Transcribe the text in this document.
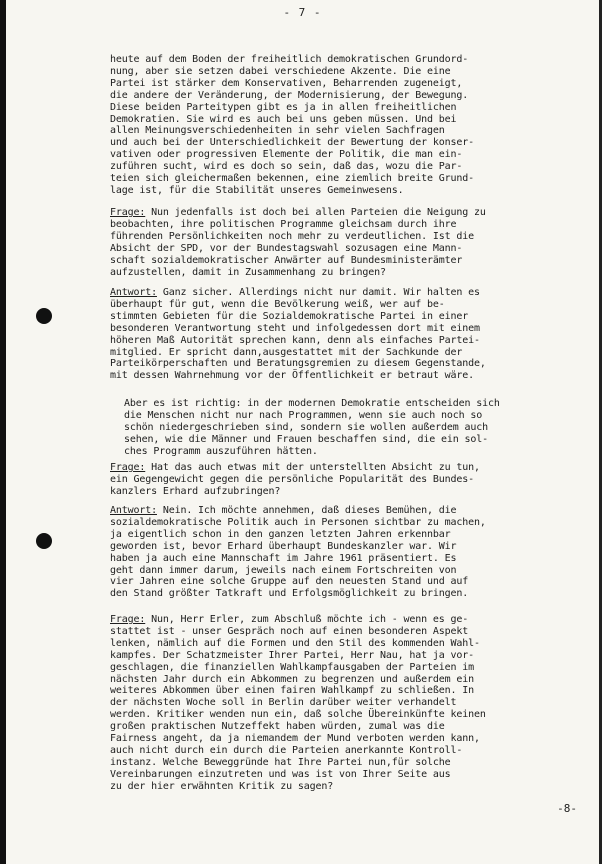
- 7 -
heute auf dem Boden der freiheitlich demokratischen Grundord-
nung, aber sie setzen dabei verschiedene Akzente. Die eine
Partei ist stärker dem Konservativen, Beharrenden zugeneigt,
die andere der Veränderung, der Modernisierung, der Bewegung.
Diese beiden Parteitypen gibt es ja in allen freiheitlichen
Demokratien. Sie wird es auch bei uns geben müssen. Und bei
allen Meinungsverschiedenheiten in sehr vielen Sachfragen
und auch bei der Unterschiedlichkeit der Bewertung der konser-
vativen oder progressiven Elemente der Politik, die man ein-
zuführen sucht, wird es doch so sein, daß das, wozu die Par-
teien sich gleichermaßen bekennen, eine ziemlich breite Grund-
lage ist, für die Stabilität unseres Gemeinwesens.
Frage: Nun jedenfalls ist doch bei allen Parteien die Neigung zu
beobachten, ihre politischen Programme gleichsam durch ihre
führenden Persönlichkeiten noch mehr zu verdeutlichen. Ist die
Absicht der SPD, vor der Bundestagswahl sozusagen eine Mann-
schaft sozialdemokratischer Anwärter auf Bundesministerämter
aufzustellen, damit in Zusammenhang zu bringen?
Antwort: Ganz sicher. Allerdings nicht nur damit. Wir halten es
überhaupt für gut, wenn die Bevölkerung weiß, wer auf be-
stimmten Gebieten für die Sozialdemokratische Partei in einer
besonderen Verantwortung steht und infolgedessen dort mit einem
höheren Maß Autorität sprechen kann, denn als einfaches Partei-
mitglied. Er spricht dann,ausgestattet mit der Sachkunde der
Parteikörperschaften und Beratungsgremien zu diesem Gegenstande,
mit dessen Wahrnehmung vor der Öffentlichkeit er betraut wäre.
Aber es ist richtig: in der modernen Demokratie entscheiden sich
die Menschen nicht nur nach Programmen, wenn sie auch noch so
schön niedergeschrieben sind, sondern sie wollen außerdem auch
sehen, wie die Männer und Frauen beschaffen sind, die ein sol-
ches Programm auszuführen hätten.
Frage: Hat das auch etwas mit der unterstellten Absicht zu tun,
ein Gegengewicht gegen die persönliche Popularität des Bundes-
kanzlers Erhard aufzubringen?
Antwort: Nein. Ich möchte annehmen, daß dieses Bemühen, die
sozialdemokratische Politik auch in Personen sichtbar zu machen,
ja eigentlich schon in den ganzen letzten Jahren erkennbar
geworden ist, bevor Erhard überhaupt Bundeskanzler war. Wir
haben ja auch eine Mannschaft im Jahre 1961 präsentiert. Es
geht dann immer darum, jeweils nach einem Fortschreiten von
vier Jahren eine solche Gruppe auf den neuesten Stand und auf
den Stand größter Tatkraft und Erfolgsmöglichkeit zu bringen.
Frage: Nun, Herr Erler, zum Abschluß möchte ich - wenn es ge-
stattet ist - unser Gespräch noch auf einen besonderen Aspekt
lenken, nämlich auf die Formen und den Stil des kommenden Wahl-
kampfes. Der Schatzmeister Ihrer Partei, Herr Nau, hat ja vor-
geschlagen, die finanziellen Wahlkampfausgaben der Parteien im
nächsten Jahr durch ein Abkommen zu begrenzen und außerdem ein
weiteres Abkommen über einen fairen Wahlkampf zu schließen. In
der nächsten Woche soll in Berlin darüber weiter verhandelt
werden. Kritiker wenden nun ein, daß solche Übereinkünfte keinen
großen praktischen Nutzeffekt haben würden, zumal was die
Fairness angeht, da ja niemandem der Mund verboten werden kann,
auch nicht durch ein durch die Parteien anerkannte Kontroll-
instanz. Welche Beweggründe hat Ihre Partei nun,für solche
Vereinbarungen einzutreten und was ist von Ihrer Seite aus
zu der hier erwähnten Kritik zu sagen?
-8-
